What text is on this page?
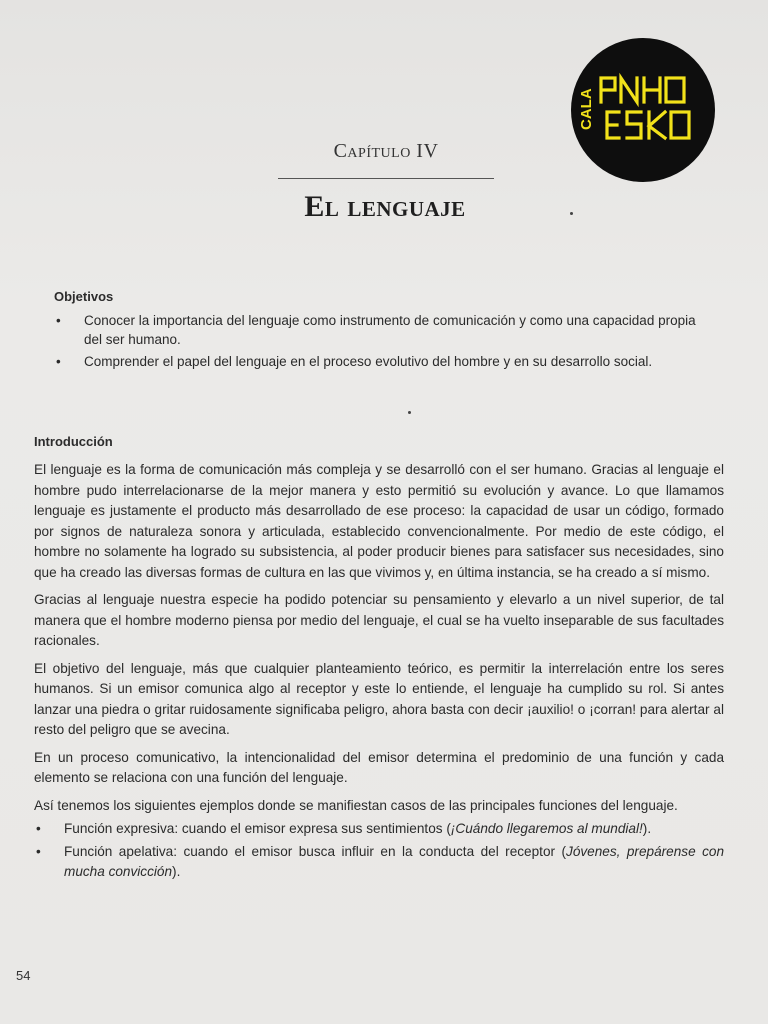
CALA
Capítulo IV
El lenguaje
Objetivos
• Conocer la importancia del lenguaje como instrumento de comunicación y como una capacidad propia del ser humano.
• Comprender el papel del lenguaje en el proceso evolutivo del hombre y en su desarrollo social.
Introducción

El lenguaje es la forma de comunicación más compleja y se desarrolló con el ser humano. Gracias al lenguaje el hombre pudo interrelacionarse de la mejor manera y esto permitió su evolución y avance. Lo que llamamos lenguaje es justamente el producto más desarrollado de ese proceso: la capacidad de usar un código, formado por signos de naturaleza sonora y articulada, establecido convencionalmente. Por medio de este código, el hombre no solamente ha logrado su subsistencia, al poder producir bienes para satisfacer sus necesidades, sino que ha creado las diversas formas de cultura en las que vivimos y, en última instancia, se ha creado a sí mismo.

Gracias al lenguaje nuestra especie ha podido potenciar su pensamiento y elevarlo a un nivel superior, de tal manera que el hombre moderno piensa por medio del lenguaje, el cual se ha vuelto inseparable de sus facultades racionales.

El objetivo del lenguaje, más que cualquier planteamiento teórico, es permitir la interrelación entre los seres humanos. Si un emisor comunica algo al receptor y este lo entiende, el lenguaje ha cumplido su rol. Si antes lanzar una piedra o gritar ruidosamente significaba peligro, ahora basta con decir ¡auxilio! o ¡corran! para alertar al resto del peligro que se avecina.

En un proceso comunicativo, la intencionalidad del emisor determina el predominio de una función y cada elemento se relaciona con una función del lenguaje.

Así tenemos los siguientes ejemplos donde se manifiestan casos de las principales funciones del lenguaje.

• Función expresiva: cuando el emisor expresa sus sentimientos (¡Cuándo llegaremos al mundial!).
• Función apelativa: cuando el emisor busca influir en la conducta del receptor (Jóvenes, prepárense con mucha convicción).
54
